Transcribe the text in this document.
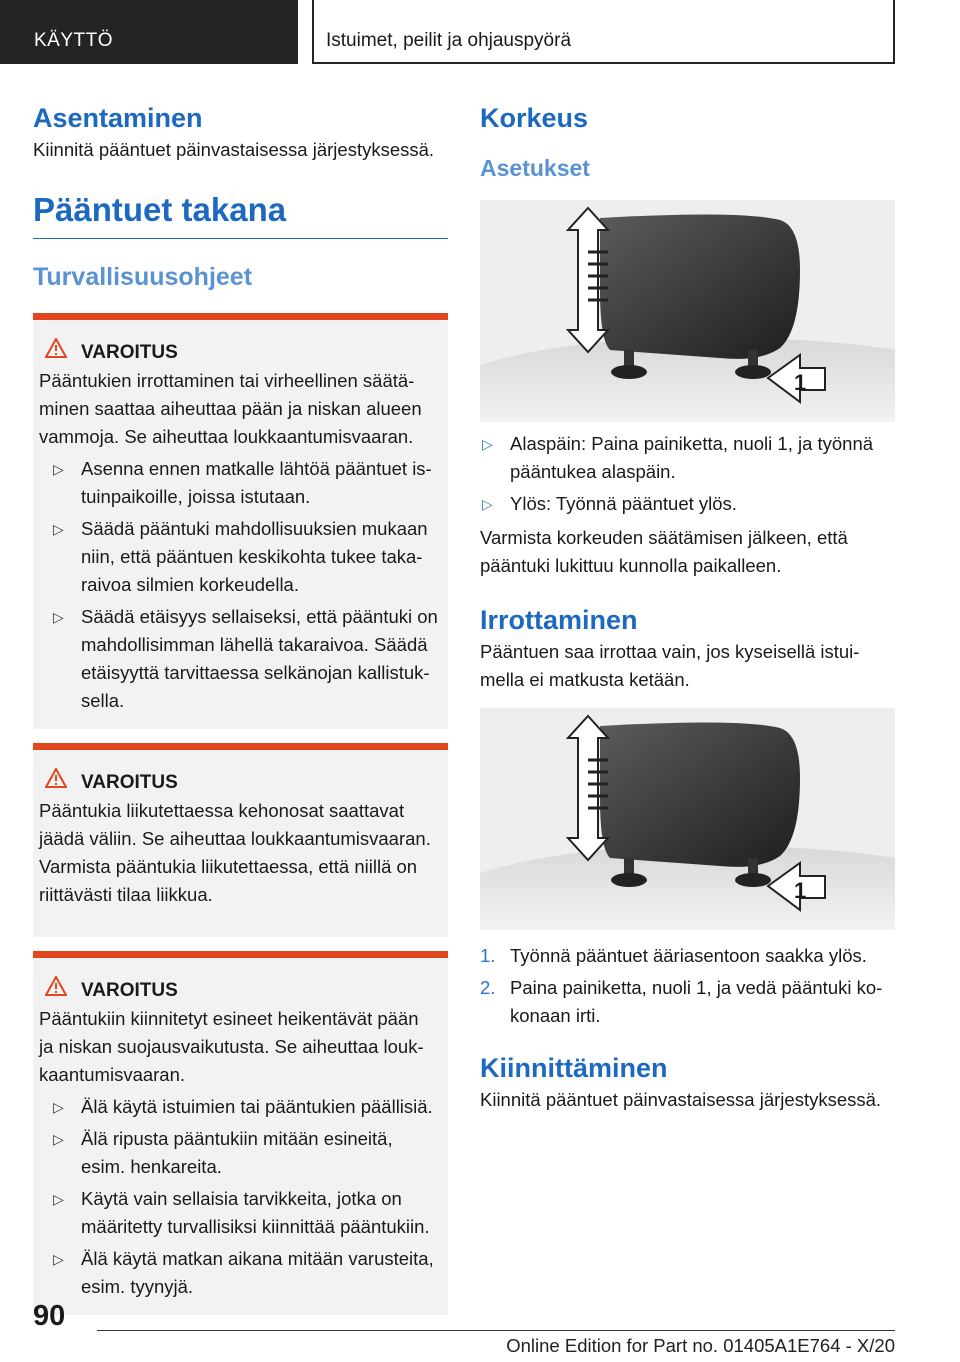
KÄYTTÖ	Istuimet, peilit ja ohjauspyörä
Asentaminen
Kiinnitä pääntuet päinvastaisessa järjestyksessä.
Pääntuet takana
Turvallisuusohjeet
VAROITUS
Pääntukien irrottaminen tai virheellinen säätä-minen saattaa aiheuttaa pään ja niskan alueen vammoja. Se aiheuttaa loukkaantumisvaaran.
▷ Asenna ennen matkalle lähtöä pääntuet is-tuinpaikoille, joissa istutaan.
▷ Säädä pääntuki mahdollisuuksien mukaan niin, että pääntuen keskikohta tukee taka-raivoa silmien korkeudella.
▷ Säädä etäisyys sellaiseksi, että pääntuki on mahdollisimman lähellä takaraivoa. Säädä etäisyyttä tarvittaessa selkänojan kallistuk-sella.
VAROITUS
Pääntukia liikutettaessa kehonosat saattavat jäädä väliin. Se aiheuttaa loukkaantumisvaaran. Varmista pääntukia liikutettaessa, että niillä on riittävästi tilaa liikkua.
VAROITUS
Pääntukiin kiinnitetyt esineet heikentävät pään ja niskan suojausvaikutusta. Se aiheuttaa louk-kaantumisvaaran.
▷ Älä käytä istuimien tai pääntukien päällisiä.
▷ Älä ripusta pääntukiin mitään esineitä, esim. henkareita.
▷ Käytä vain sellaisia tarvikkeita, jotka on määritetty turvallisiksi kiinnittää pääntukiin.
▷ Älä käytä matkan aikana mitään varusteita, esim. tyynyjä.
Korkeus
Asetukset
1
▷ Alaspäin: Paina painiketta, nuoli 1, ja työnnä pääntukea alaspäin.
▷ Ylös: Työnnä pääntuet ylös.
Varmista korkeuden säätämisen jälkeen, että pääntuki lukittuu kunnolla paikalleen.
Irrottaminen
Pääntuen saa irrottaa vain, jos kyseisellä istui-mella ei matkusta ketään.
1
1. Työnnä pääntuet ääriasentoon saakka ylös.
2. Paina painiketta, nuoli 1, ja vedä pääntuki ko-konaan irti.
Kiinnittäminen
Kiinnitä pääntuet päinvastaisessa järjestyksessä.
90
Online Edition for Part no. 01405A1E764 - X/20
